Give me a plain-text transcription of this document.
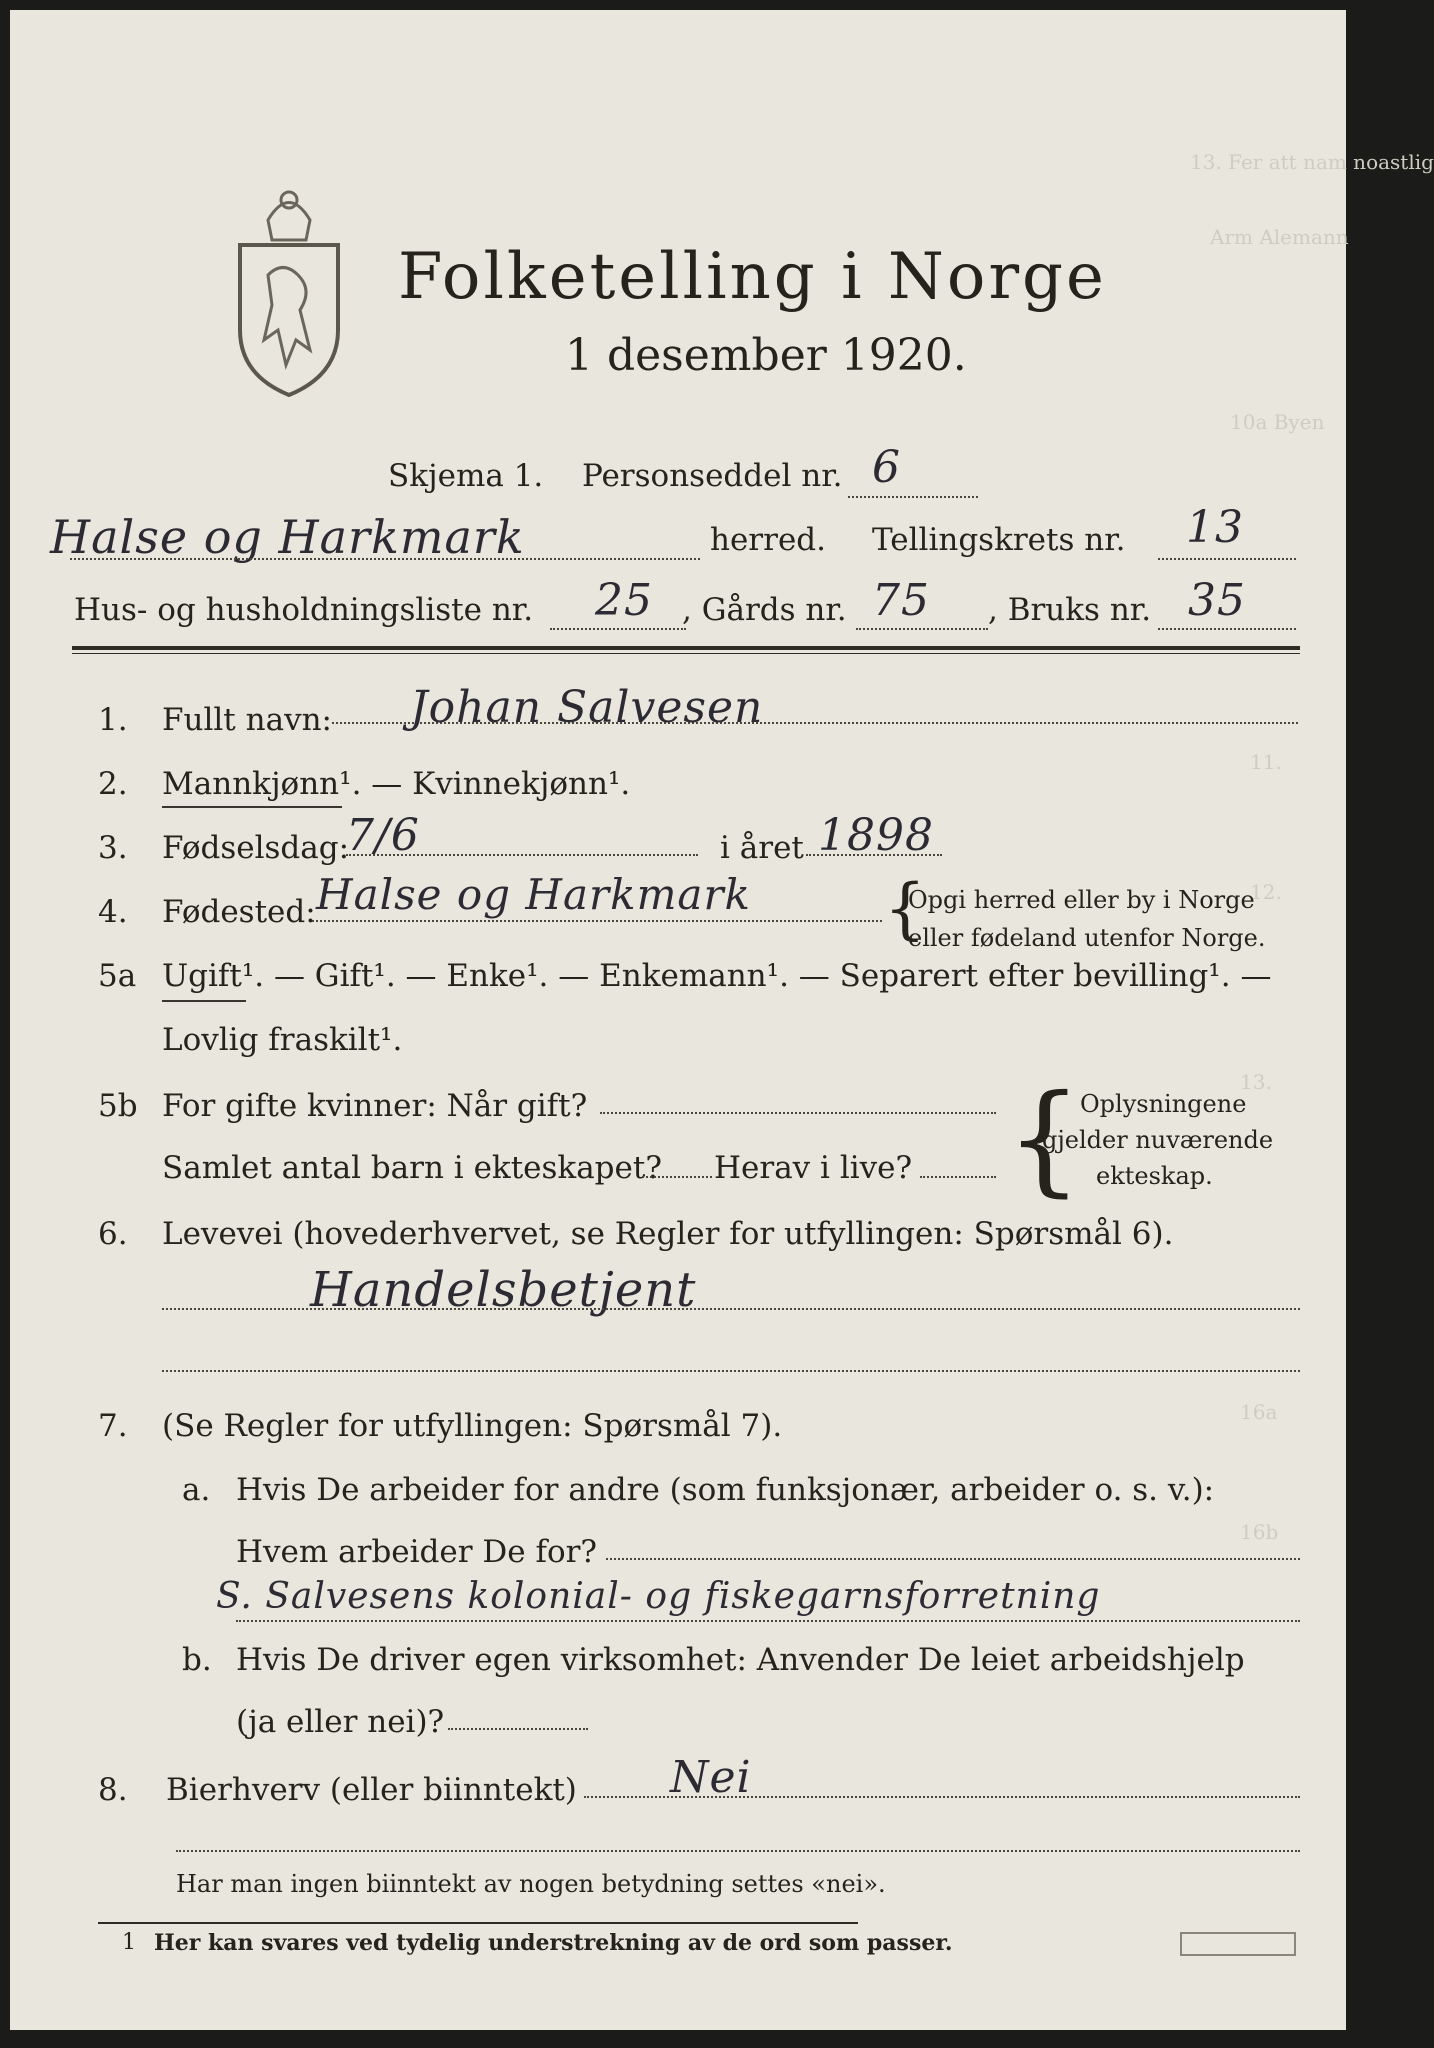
Folketelling i Norge
1 desember 1920.
13. Fer att nam noastlig
Arm Alemann
10a Byen
11.
12.
13.
16a
16b
Skjema 1. Personseddel nr. 6
Halse og Harkmark	herred. Tellingskrets nr. 13
Hus- og husholdningsliste nr. 25 , Gårds nr. 75 , Bruks nr. 35
1. Fullt navn: Johan Salvesen
2. Mannkjønn¹. — Kvinnekjønn¹.
3. Fødselsdag:
7/6	i året 1898
4. Fødested: Halse og Harkmark {
Opgi herred eller by i Norge
eller fødeland utenfor Norge.
5a Ugift¹. — Gift¹. — Enke¹. — Enkemann¹. — Separert efter bevilling¹. —
Lovlig fraskilt¹.
5b For gifte kvinner: Når gift?
Samlet antal barn i ekteskapet? Herav i live? {
Oplysningene
gjelder nuværende
ekteskap.
6. Levevei (hovederhvervet, se Regler for utfyllingen: Spørsmål 6).
Handelsbetjent
7. (Se Regler for utfyllingen: Spørsmål 7).
a. Hvis De arbeider for andre (som funksjonær, arbeider o. s. v.):
Hvem arbeider De for?
S. Salvesens kolonial- og fiskegarnsforretning
b. Hvis De driver egen virksomhet: Anvender De leiet arbeidshjelp
(ja eller nei)?
8. Bierhverv (eller biinntekt) Nei
Har man ingen biinntekt av nogen betydning settes «nei».
1 Her kan svares ved tydelig understrekning av de ord som passer.
